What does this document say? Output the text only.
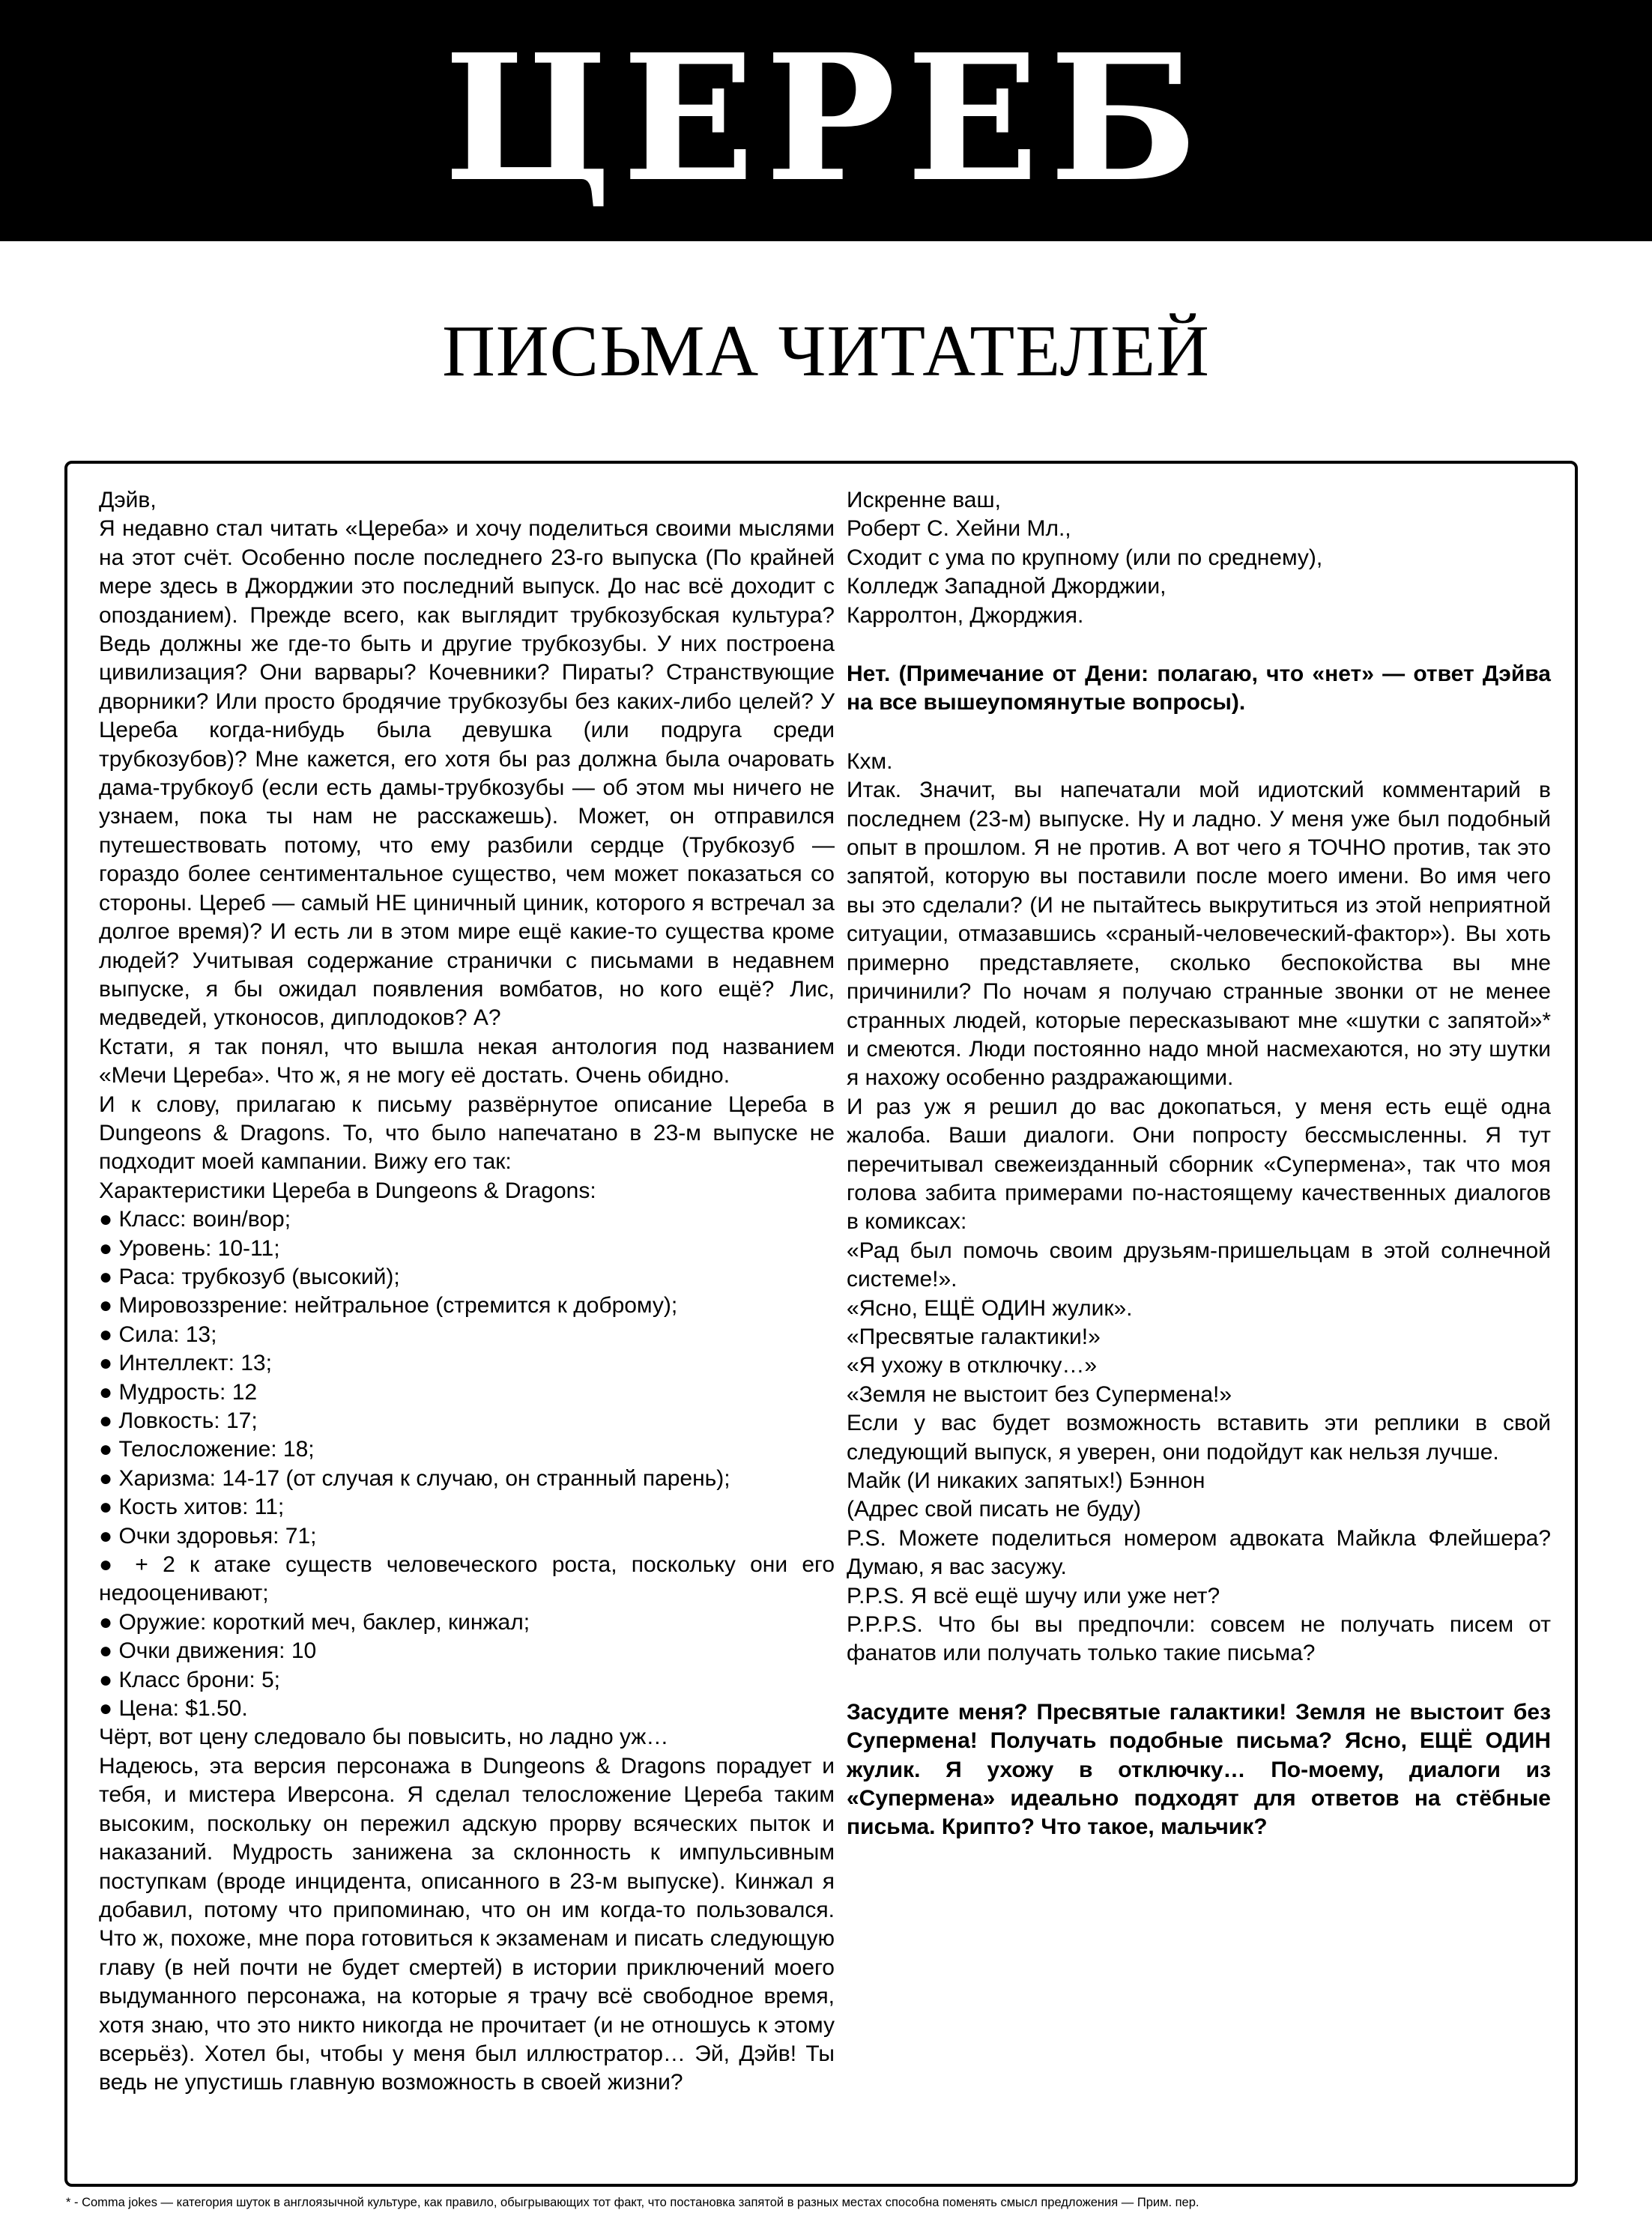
ЦЕРЕБ
ПИСЬМА ЧИТАТЕЛЕЙ

Дэйв,

Я недавно стал читать «Цереба» и хочу поделиться своими мыслями на этот счёт. Особенно после последнего 23-го выпуска (По крайней мере здесь в Джорджии это последний выпуск. До нас всё доходит с опозданием). Прежде всего, как выглядит трубкозубская культура? Ведь должны же где-то быть и другие трубкозубы. У них построена цивилизация? Они варвары? Кочевники? Пираты? Странствующие дворники? Или просто бродячие трубкозубы без каких-либо целей? У Цереба когда-нибудь была девушка (или подруга среди трубкозубов)? Мне кажется, его хотя бы раз должна была очаровать дама-трубкоуб (если есть дамы-трубкозубы — об этом мы ничего не узнаем, пока ты нам не расскажешь). Может, он отправился путешествовать потому, что ему разбили сердце (Трубкозуб — гораздо более сентиментальное существо, чем может показаться со стороны. Цереб — самый НЕ циничный циник, которого я встречал за долгое время)? И есть ли в этом мире ещё какие-то существа кроме людей? Учитывая содержание странички с письмами в недавнем выпуске, я бы ожидал появления вомбатов, но кого ещё? Лис, медведей, утконосов, диплодоков? А?

Кстати, я так понял, что вышла некая антология под названием «Мечи Цереба». Что ж, я не могу её достать. Очень обидно.

И к слову, прилагаю к письму развёрнутое описание Цереба в Dungeons & Dragons. То, что было напечатано в 23-м выпуске не подходит моей кампании. Вижу его так:

Характеристики Цереба в Dungeons & Dragons:

● Класс: воин/вор;
● Уровень: 10-11;
● Раса: трубкозуб (высокий);
● Мировоззрение: нейтральное (стремится к доброму);
● Сила: 13;
● Интеллект: 13;
● Мудрость: 12
● Ловкость: 17;
● Телосложение: 18;
● Харизма: 14-17 (от случая к случаю, он странный парень);
● Кость хитов: 11;
● Очки здоровья: 71;
● + 2 к атаке существ человеческого роста, поскольку они его недооценивают;
● Оружие: короткий меч, баклер, кинжал;
● Очки движения: 10
● Класс брони: 5;
● Цена: $1.50.

Чёрт, вот цену следовало бы повысить, но ладно уж…

Надеюсь, эта версия персонажа в Dungeons & Dragons порадует и тебя, и мистера Иверсона. Я сделал телосложение Цереба таким высоким, поскольку он пережил адскую прорву всяческих пыток и наказаний. Мудрость занижена за склонность к импульсивным поступкам (вроде инцидента, описанного в 23-м выпуске). Кинжал я добавил, потому что припоминаю, что он им когда-то пользовался. Что ж, похоже, мне пора готовиться к экзаменам и писать следующую главу (в ней почти не будет смертей) в истории приключений моего выдуманного персонажа, на которые я трачу всё свободное время, хотя знаю, что это никто никогда не прочитает (и не отношусь к этому всерьёз). Хотел бы, чтобы у меня был иллюстратор… Эй, Дэйв! Ты ведь не упустишь главную возможность в своей жизни?

Искренне ваш,

Роберт С. Хейни Мл.,

Сходит с ума по крупному (или по среднему),

Колледж Западной Джорджии,

Карролтон, Джорджия.

Нет. (Примечание от Дени: полагаю, что «нет» — ответ Дэйва на все вышеупомянутые вопросы).

Кхм.

Итак. Значит, вы напечатали мой идиотский комментарий в последнем (23-м) выпуске. Ну и ладно. У меня уже был подобный опыт в прошлом. Я не против. А вот чего я ТОЧНО против, так это запятой, которую вы поставили после моего имени. Во имя чего вы это сделали? (И не пытайтесь выкрутиться из этой неприятной ситуации, отмазавшись «сраный-человеческий-фактор»). Вы хоть примерно представляете, сколько беспокойства вы мне причинили? По ночам я получаю странные звонки от не менее странных людей, которые пересказывают мне «шутки с запятой»* и смеются. Люди постоянно надо мной насмехаются, но эту шутки я нахожу особенно раздражающими.

И раз уж я решил до вас докопаться, у меня есть ещё одна жалоба. Ваши диалоги. Они попросту бессмысленны. Я тут перечитывал свежеизданный сборник «Супермена», так что моя голова забита примерами по-настоящему качественных диалогов в комиксах:

«Рад был помочь своим друзьям-пришельцам в этой солнечной системе!».

«Ясно, ЕЩЁ ОДИН жулик».

«Пресвятые галактики!»

«Я ухожу в отключку…»

«Земля не выстоит без Супермена!»

Если у вас будет возможность вставить эти реплики в свой следующий выпуск, я уверен, они подойдут как нельзя лучше.

Майк (И никаких запятых!) Бэннон

(Адрес свой писать не буду)

P.S. Можете поделиться номером адвоката Майкла Флейшера? Думаю, я вас засужу.

P.P.S. Я всё ещё шучу или уже нет?

P.P.P.S. Что бы вы предпочли: совсем не получать писем от фанатов или получать только такие письма?

Засудите меня? Пресвятые галактики! Земля не выстоит без Супермена! Получать подобные письма? Ясно, ЕЩЁ ОДИН жулик. Я ухожу в отключку… По-моему, диалоги из «Супермена» идеально подходят для ответов на стёбные письма. Крипто? Что такое, мальчик?

* - Comma jokes — категория шуток в англоязычной культуре, как правило, обыгрывающих тот факт, что постановка запятой в разных местах способна поменять смысл предложения — Прим. пер.
